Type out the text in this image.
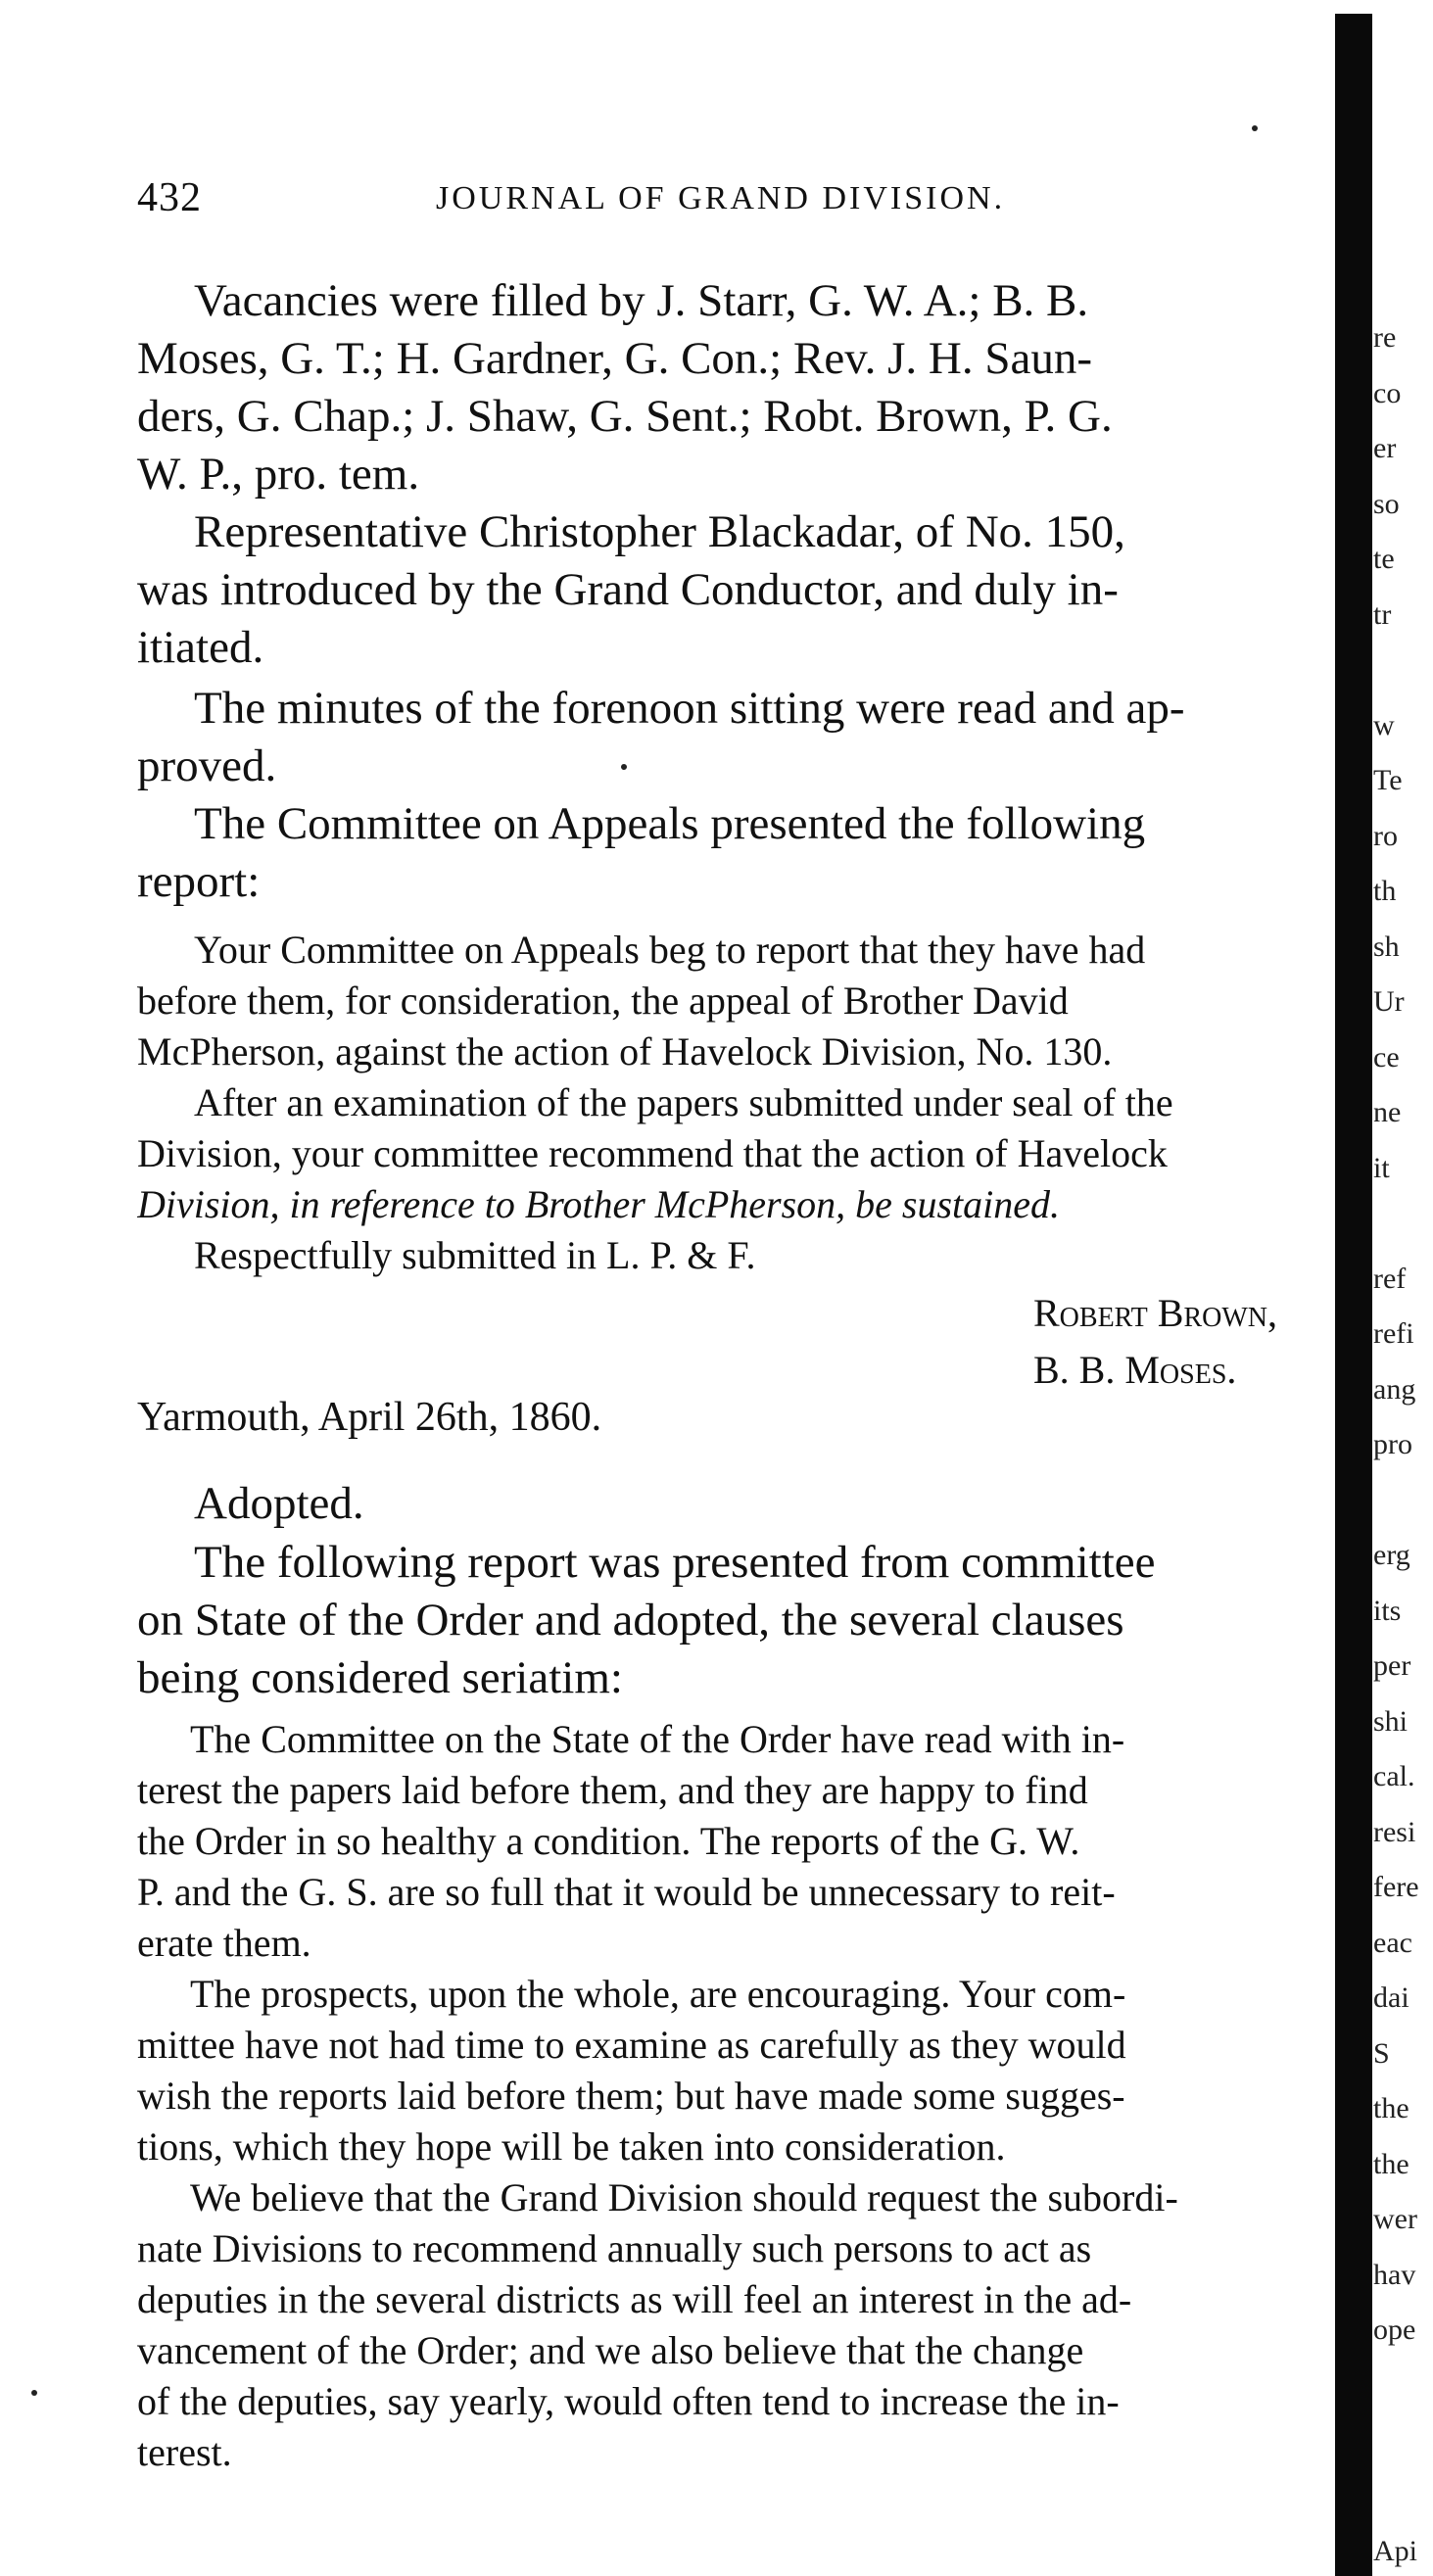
432	JOURNAL OF GRAND DIVISION.
Vacancies were filled by J. Starr, G. W. A.; B. B.
Moses, G. T.; H. Gardner, G. Con.; Rev. J. H. Saun-
ders, G. Chap.; J. Shaw, G. Sent.; Robt. Brown, P. G.
W. P., pro. tem.
Representative Christopher Blackadar, of No. 150,
was introduced by the Grand Conductor, and duly in-
itiated.
The minutes of the forenoon sitting were read and ap-
proved.
The Committee on Appeals presented the following
report:
Your Committee on Appeals beg to report that they have had
before them, for consideration, the appeal of Brother David
McPherson, against the action of Havelock Division, No. 130.
After an examination of the papers submitted under seal of the
Division, your committee recommend that the action of Havelock
Division, in reference to Brother McPherson, be sustained.
Respectfully submitted in L. P. & F.
Robert Brown,
B. B. Moses.
Yarmouth, April 26th, 1860.
Adopted.
The following report was presented from committee
on State of the Order and adopted, the several clauses
being considered seriatim:
The Committee on the State of the Order have read with in-
terest the papers laid before them, and they are happy to find
the Order in so healthy a condition. The reports of the G. W.
P. and the G. S. are so full that it would be unnecessary to reit-
erate them.
The prospects, upon the whole, are encouraging. Your com-
mittee have not had time to examine as carefully as they would
wish the reports laid before them; but have made some sugges-
tions, which they hope will be taken into consideration.
We believe that the Grand Division should request the subordi-
nate Divisions to recommend annually such persons to act as
deputies in the several districts as will feel an interest in the ad-
vancement of the Order; and we also believe that the change
of the deputies, say yearly, would often tend to increase the in-
terest.
re
co
er
so
te
tr
w
Te
ro
th
sh
Ur
ce
ne
it
ref
refi
ang
pro
erg
its
per
shi
cal.
resi
fere
eac
dai
S
the
the
wer
hav
ope
Api
